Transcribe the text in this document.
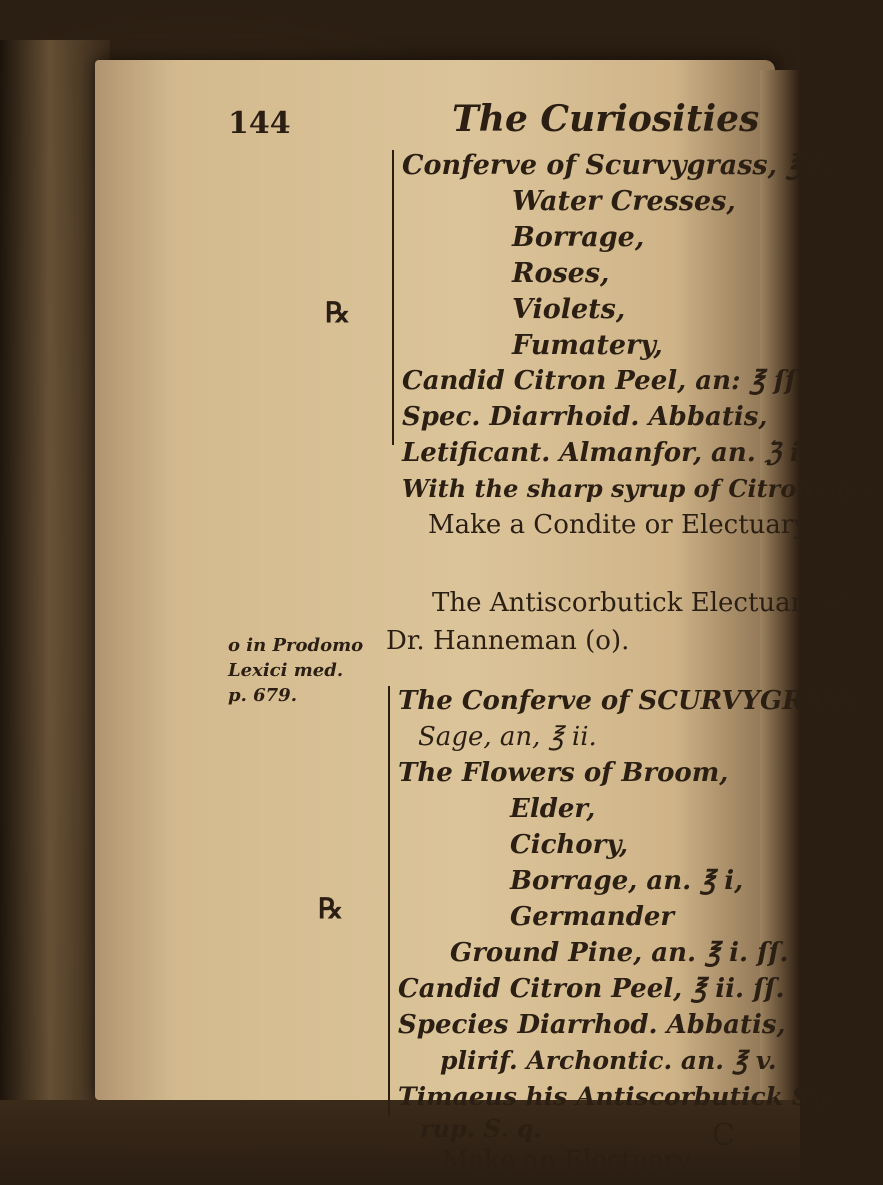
144	The Curiosities
℞
Conferve of Scurvygrass, ℥ i,
Water Cresses,
Borrage,
Roses,
Violets,
Fumatery,
Candid Citron Peel, an: ℥ ſſ.
Spec. Diarrhoid. Abbatis,
Letificant. Almanfor, an. ℨ i.
With the sharp syrup of Citrons,q.s.
Make a Condite or Electuary.
The Antiscorbutick Electuary of
Dr. Hanneman (o).
o in Prodomo
Lexici med.
p. 679.
℞
The Conferve of SCURVYGRASS,
Sage, an, ℥ ii.
The Flowers of Broom,
Elder,
Cichory,
Borrage, an. ℥ i,
Germander
Ground Pine, an. ℥ i. ſſ.
Candid Citron Peel, ℥ ii. ſſ.
Species Diarrhod. Abbatis,
plirif. Archontic. an. ℥ v.
Timaeus his Antiscorbutick Sy-
rup. S. q.
Make an Electuary.
C
